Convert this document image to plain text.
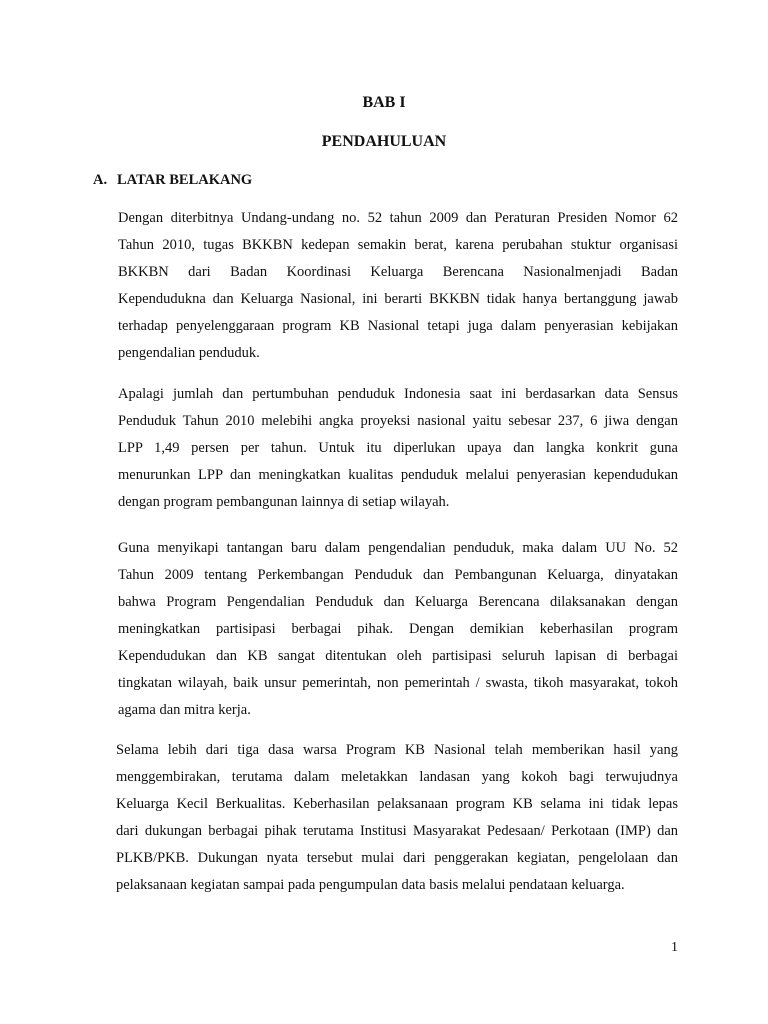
BAB I
PENDAHULUAN
A. LATAR BELAKANG
Dengan diterbitnya Undang-undang no. 52 tahun 2009 dan Peraturan Presiden Nomor 62
Tahun 2010, tugas BKKBN kedepan semakin berat, karena perubahan stuktur organisasi
BKKBN dari Badan Koordinasi Keluarga Berencana Nasionalmenjadi Badan
Kependudukna dan Keluarga Nasional, ini berarti BKKBN tidak hanya bertanggung jawab
terhadap penyelenggaraan program KB Nasional tetapi juga dalam penyerasian kebijakan
pengendalian penduduk.
Apalagi jumlah dan pertumbuhan penduduk Indonesia saat ini berdasarkan data Sensus
Penduduk Tahun 2010 melebihi angka proyeksi nasional yaitu sebesar 237, 6 jiwa dengan
LPP 1,49 persen per tahun. Untuk itu diperlukan upaya dan langka konkrit guna
menurunkan LPP dan meningkatkan kualitas penduduk melalui penyerasian kependudukan
dengan program pembangunan lainnya di setiap wilayah.
Guna menyikapi tantangan baru dalam pengendalian penduduk, maka dalam UU No. 52
Tahun 2009 tentang Perkembangan Penduduk dan Pembangunan Keluarga, dinyatakan
bahwa Program Pengendalian Penduduk dan Keluarga Berencana dilaksanakan dengan
meningkatkan partisipasi berbagai pihak. Dengan demikian keberhasilan program
Kependudukan dan KB sangat ditentukan oleh partisipasi seluruh lapisan di berbagai
tingkatan wilayah, baik unsur pemerintah, non pemerintah / swasta, tikoh masyarakat, tokoh
agama dan mitra kerja.
Selama lebih dari tiga dasa warsa Program KB Nasional telah memberikan hasil yang
menggembirakan, terutama dalam meletakkan landasan yang kokoh bagi terwujudnya
Keluarga Kecil Berkualitas. Keberhasilan pelaksanaan program KB selama ini tidak lepas
dari dukungan berbagai pihak terutama Institusi Masyarakat Pedesaan/ Perkotaan (IMP) dan
PLKB/PKB. Dukungan nyata tersebut mulai dari penggerakan kegiatan, pengelolaan dan
pelaksanaan kegiatan sampai pada pengumpulan data basis melalui pendataan keluarga.

1
